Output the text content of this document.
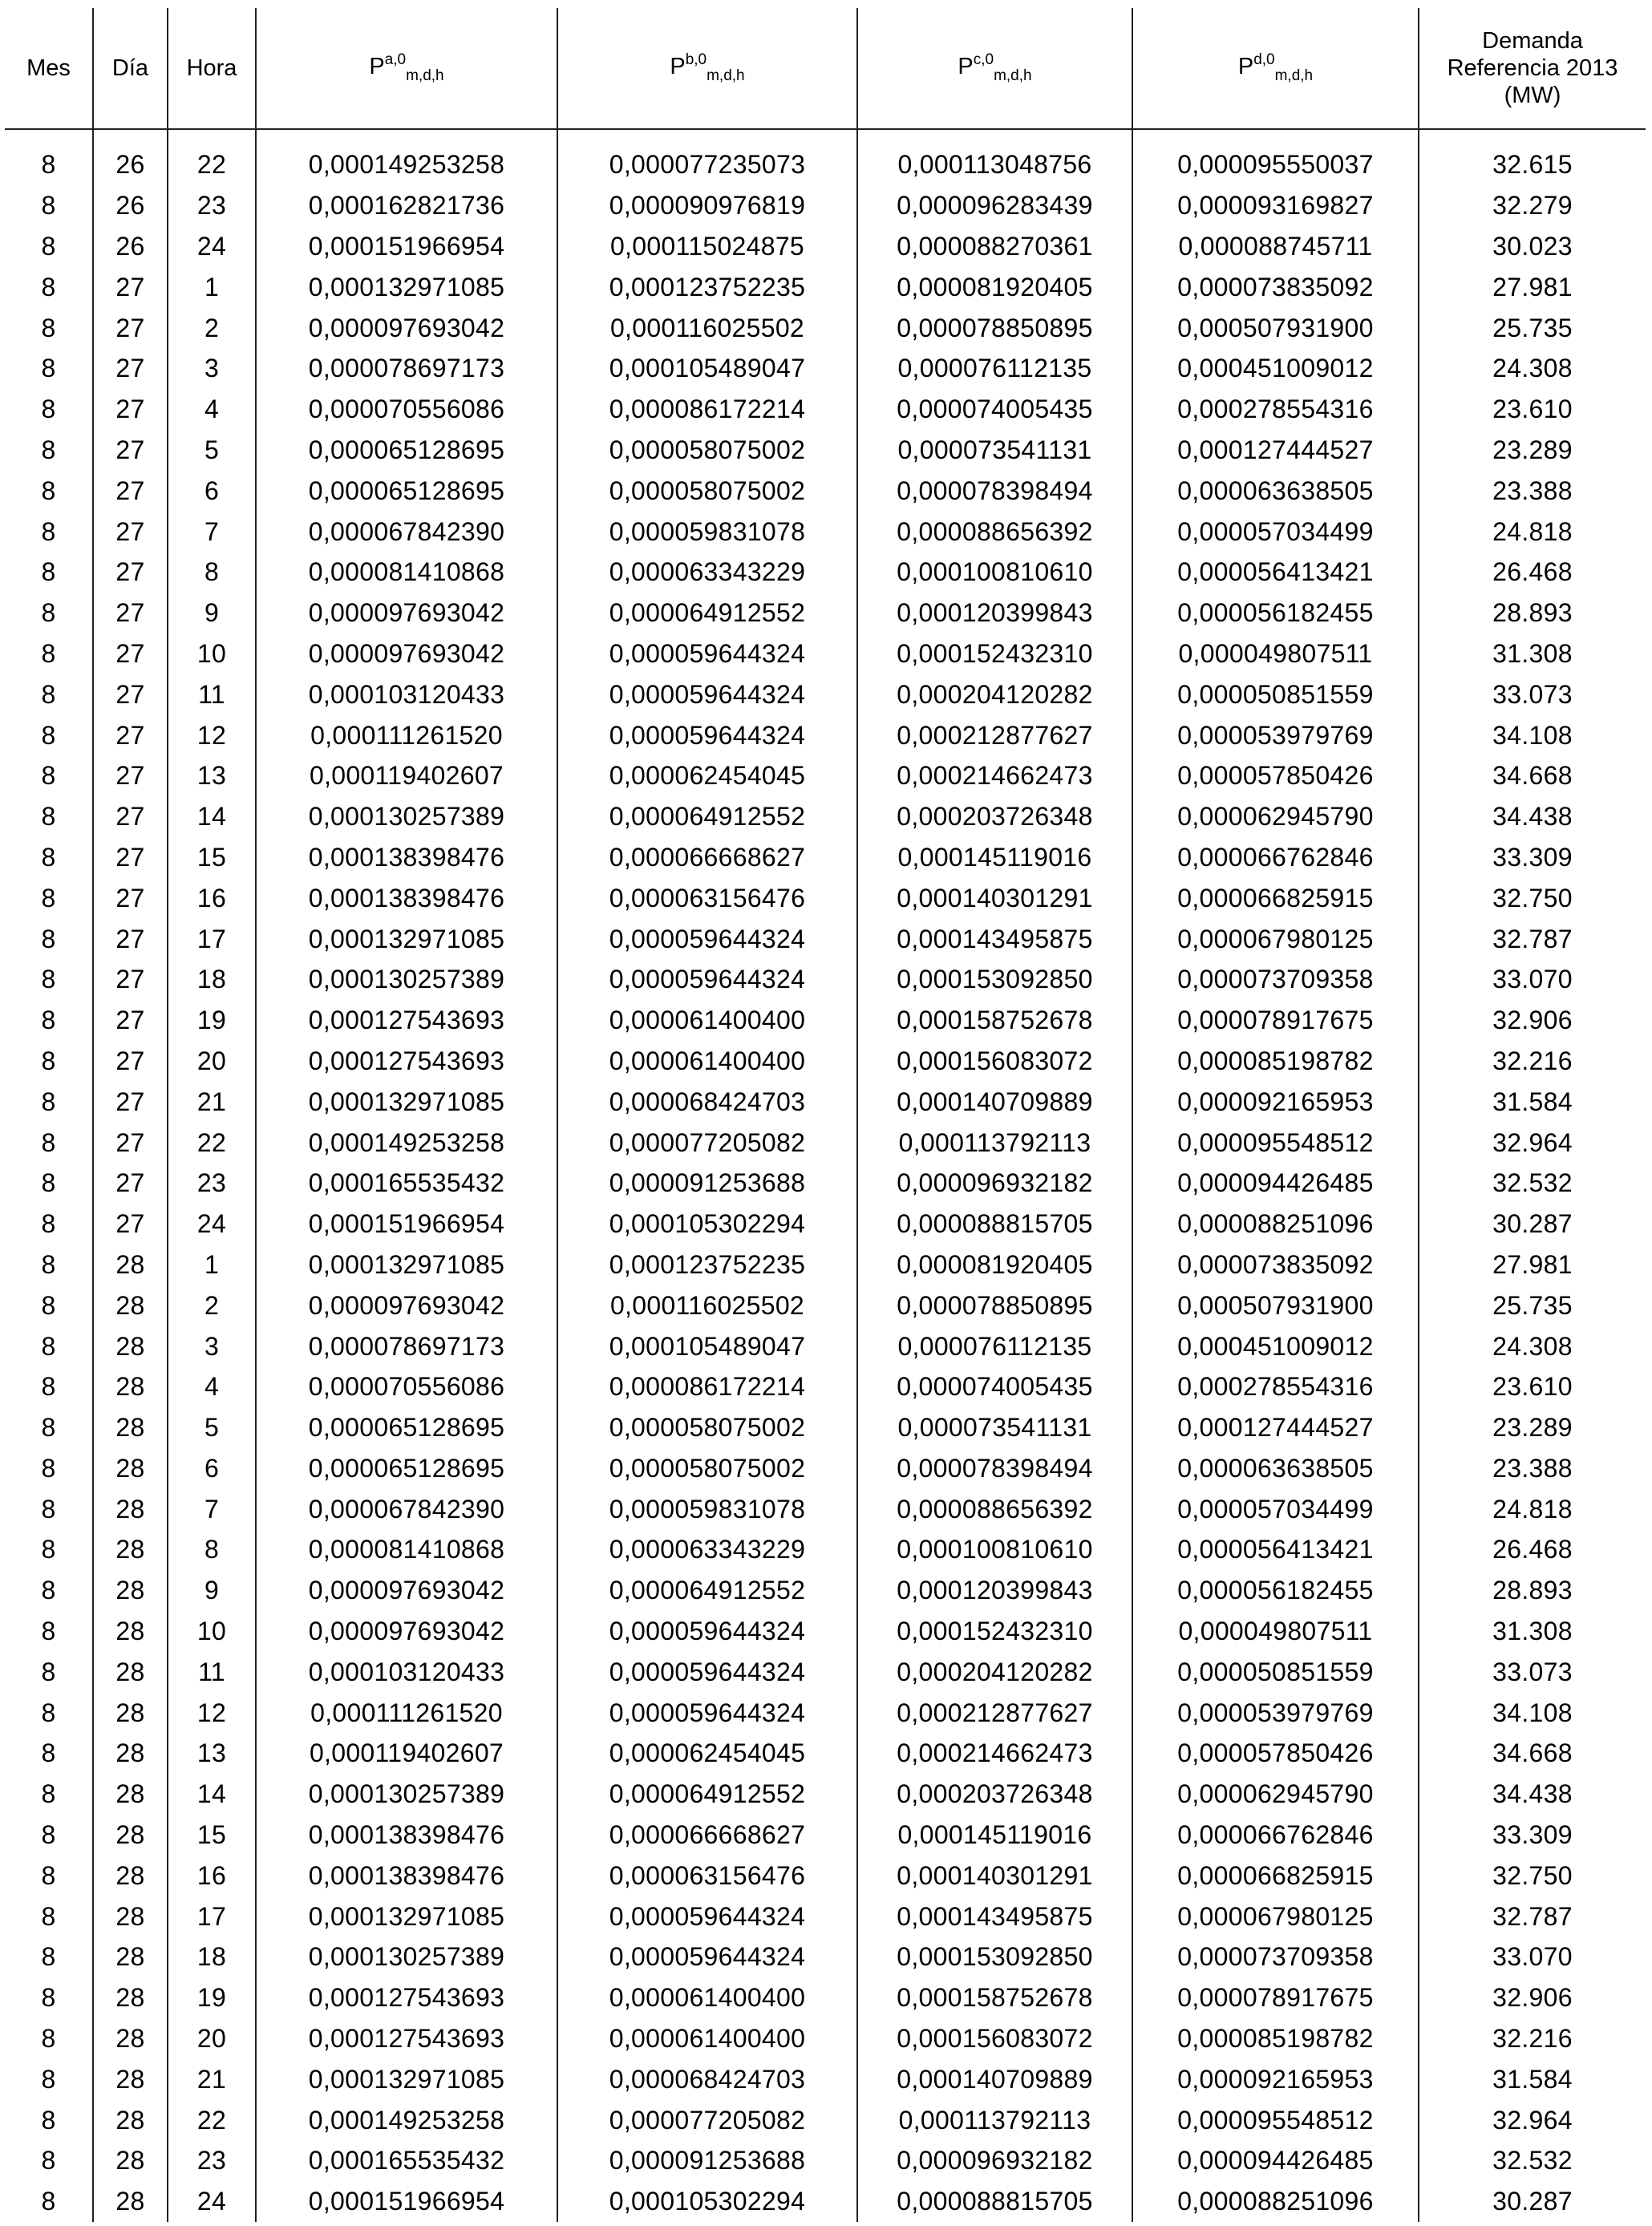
Mes	Día	Hora	P$^{a,0}_{m,d,h}$	P$^{b,0}_{m,d,h}$	P$^{c,0}_{m,d,h}$	P$^{d,0}_{m,d,h}$	Demanda
Referencia 2013
(MW)

8	26	22	0,000149253258	0,000077235073	0,000113048756	0,000095550037	32.615
8	26	23	0,000162821736	0,000090976819	0,000096283439	0,000093169827	32.279
8	26	24	0,000151966954	0,000115024875	0,000088270361	0,000088745711	30.023
8	27	1	0,000132971085	0,000123752235	0,000081920405	0,000073835092	27.981
8	27	2	0,000097693042	0,000116025502	0,000078850895	0,000507931900	25.735
8	27	3	0,000078697173	0,000105489047	0,000076112135	0,000451009012	24.308
8	27	4	0,000070556086	0,000086172214	0,000074005435	0,000278554316	23.610
8	27	5	0,000065128695	0,000058075002	0,000073541131	0,000127444527	23.289
8	27	6	0,000065128695	0,000058075002	0,000078398494	0,000063638505	23.388
8	27	7	0,000067842390	0,000059831078	0,000088656392	0,000057034499	24.818
8	27	8	0,000081410868	0,000063343229	0,000100810610	0,000056413421	26.468
8	27	9	0,000097693042	0,000064912552	0,000120399843	0,000056182455	28.893
8	27	10	0,000097693042	0,000059644324	0,000152432310	0,000049807511	31.308
8	27	11	0,000103120433	0,000059644324	0,000204120282	0,000050851559	33.073
8	27	12	0,000111261520	0,000059644324	0,000212877627	0,000053979769	34.108
8	27	13	0,000119402607	0,000062454045	0,000214662473	0,000057850426	34.668
8	27	14	0,000130257389	0,000064912552	0,000203726348	0,000062945790	34.438
8	27	15	0,000138398476	0,000066668627	0,000145119016	0,000066762846	33.309
8	27	16	0,000138398476	0,000063156476	0,000140301291	0,000066825915	32.750
8	27	17	0,000132971085	0,000059644324	0,000143495875	0,000067980125	32.787
8	27	18	0,000130257389	0,000059644324	0,000153092850	0,000073709358	33.070
8	27	19	0,000127543693	0,000061400400	0,000158752678	0,000078917675	32.906
8	27	20	0,000127543693	0,000061400400	0,000156083072	0,000085198782	32.216
8	27	21	0,000132971085	0,000068424703	0,000140709889	0,000092165953	31.584
8	27	22	0,000149253258	0,000077205082	0,000113792113	0,000095548512	32.964
8	27	23	0,000165535432	0,000091253688	0,000096932182	0,000094426485	32.532
8	27	24	0,000151966954	0,000105302294	0,000088815705	0,000088251096	30.287
8	28	1	0,000132971085	0,000123752235	0,000081920405	0,000073835092	27.981
8	28	2	0,000097693042	0,000116025502	0,000078850895	0,000507931900	25.735
8	28	3	0,000078697173	0,000105489047	0,000076112135	0,000451009012	24.308
8	28	4	0,000070556086	0,000086172214	0,000074005435	0,000278554316	23.610
8	28	5	0,000065128695	0,000058075002	0,000073541131	0,000127444527	23.289
8	28	6	0,000065128695	0,000058075002	0,000078398494	0,000063638505	23.388
8	28	7	0,000067842390	0,000059831078	0,000088656392	0,000057034499	24.818
8	28	8	0,000081410868	0,000063343229	0,000100810610	0,000056413421	26.468
8	28	9	0,000097693042	0,000064912552	0,000120399843	0,000056182455	28.893
8	28	10	0,000097693042	0,000059644324	0,000152432310	0,000049807511	31.308
8	28	11	0,000103120433	0,000059644324	0,000204120282	0,000050851559	33.073
8	28	12	0,000111261520	0,000059644324	0,000212877627	0,000053979769	34.108
8	28	13	0,000119402607	0,000062454045	0,000214662473	0,000057850426	34.668
8	28	14	0,000130257389	0,000064912552	0,000203726348	0,000062945790	34.438
8	28	15	0,000138398476	0,000066668627	0,000145119016	0,000066762846	33.309
8	28	16	0,000138398476	0,000063156476	0,000140301291	0,000066825915	32.750
8	28	17	0,000132971085	0,000059644324	0,000143495875	0,000067980125	32.787
8	28	18	0,000130257389	0,000059644324	0,000153092850	0,000073709358	33.070
8	28	19	0,000127543693	0,000061400400	0,000158752678	0,000078917675	32.906
8	28	20	0,000127543693	0,000061400400	0,000156083072	0,000085198782	32.216
8	28	21	0,000132971085	0,000068424703	0,000140709889	0,000092165953	31.584
8	28	22	0,000149253258	0,000077205082	0,000113792113	0,000095548512	32.964
8	28	23	0,000165535432	0,000091253688	0,000096932182	0,000094426485	32.532
8	28	24	0,000151966954	0,000105302294	0,000088815705	0,000088251096	30.287
